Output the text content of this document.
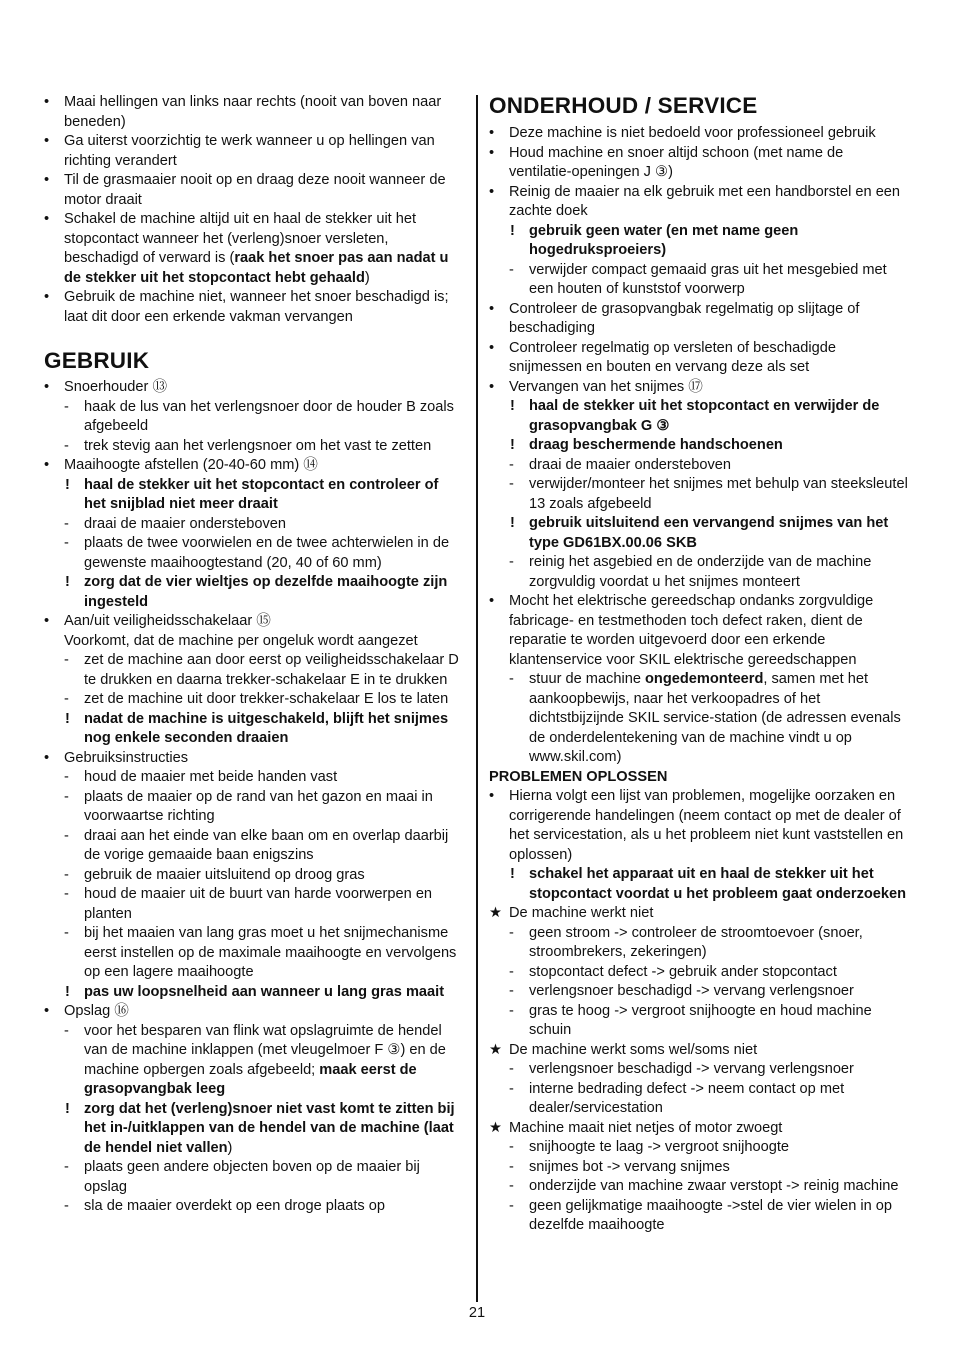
•	Maai hellingen van links naar rechts (nooit van boven naar beneden)
•	Ga uiterst voorzichtig te werk wanneer u op hellingen van richting verandert
•	Til de grasmaaier nooit op en draag deze nooit wanneer de motor draait
•	Schakel de machine altijd uit en haal de stekker uit het stopcontact wanneer het (verleng)snoer versleten, beschadigd of verward is (raak het snoer pas aan nadat u de stekker uit het stopcontact hebt gehaald)
•	Gebruik de machine niet, wanneer het snoer beschadigd is; laat dit door een erkende vakman vervangen
GEBRUIK
•	Snoerhouder ⑬
-	haak de lus van het verlengsnoer door de houder B zoals afgebeeld
-	trek stevig aan het verlengsnoer om het vast te zetten
•	Maaihoogte afstellen (20-40-60 mm) ⑭
! haal de stekker uit het stopcontact en controleer of het snijblad niet meer draait
-	draai de maaier ondersteboven
-	plaats de twee voorwielen en de twee achterwielen in de gewenste maaihoogtestand (20, 40 of 60 mm)
! zorg dat de vier wieltjes op dezelfde maaihoogte zijn ingesteld
•	Aan/uit veiligheidsschakelaar ⑮
Voorkomt, dat de machine per ongeluk wordt aangezet
-	zet de machine aan door eerst op veiligheidsschakelaar D te drukken en daarna trekker-schakelaar E in te drukken
-	zet de machine uit door trekker-schakelaar E los te laten
! nadat de machine is uitgeschakeld, blijft het snijmes nog enkele seconden draaien
•	Gebruiksinstructies
-	houd de maaier met beide handen vast
-	plaats de maaier op de rand van het gazon en maai in voorwaartse richting
-	draai aan het einde van elke baan om en overlap daarbij de vorige gemaaide baan enigszins
-	gebruik de maaier uitsluitend op droog gras
-	houd de maaier uit de buurt van harde voorwerpen en planten
-	bij het maaien van lang gras moet u het snijmechanisme eerst instellen op de maximale maaihoogte en vervolgens op een lagere maaihoogte
! pas uw loopsnelheid aan wanneer u lang gras maait
•	Opslag ⑯
-	voor het besparen van flink wat opslagruimte de hendel van de machine inklappen (met vleugelmoer F ③) en de machine opbergen zoals afgebeeld; maak eerst de grasopvangbak leeg
! zorg dat het (verleng)snoer niet vast komt te zitten bij het in-/uitklappen van de hendel van de machine (laat de hendel niet vallen)
-	plaats geen andere objecten boven op de maaier bij opslag
-	sla de maaier overdekt op een droge plaats op
ONDERHOUD / SERVICE
•	Deze machine is niet bedoeld voor professioneel gebruik
•	Houd machine en snoer altijd schoon (met name de ventilatie-openingen J ③)
•	Reinig de maaier na elk gebruik met een handborstel en een zachte doek
! gebruik geen water (en met name geen hogedruksproeiers)
-	verwijder compact gemaaid gras uit het mesgebied met een houten of kunststof voorwerp
•	Controleer de grasopvangbak regelmatig op slijtage of beschadiging
•	Controleer regelmatig op versleten of beschadigde snijmessen en bouten en vervang deze als set
•	Vervangen van het snijmes ⑰
! haal de stekker uit het stopcontact en verwijder de grasopvangbak G ③
! draag beschermende handschoenen
-	draai de maaier ondersteboven
-	verwijder/monteer het snijmes met behulp van steeksleutel 13 zoals afgebeeld
! gebruik uitsluitend een vervangend snijmes van het type GD61BX.00.06 SKB
-	reinig het asgebied en de onderzijde van de machine zorgvuldig voordat u het snijmes monteert
•	Mocht het elektrische gereedschap ondanks zorgvuldige fabricage- en testmethoden toch defect raken, dient de reparatie te worden uitgevoerd door een erkende klantenservice voor SKIL elektrische gereedschappen
-	stuur de machine ongedemonteerd, samen met het aankoopbewijs, naar het verkoopadres of het dichtstbijzijnde SKIL service-station (de adressen evenals de onderdelentekening van de machine vindt u op www.skil.com)
PROBLEMEN OPLOSSEN
•	Hierna volgt een lijst van problemen, mogelijke oorzaken en corrigerende handelingen (neem contact op met de dealer of het servicestation, als u het probleem niet kunt vaststellen en oplossen)
! schakel het apparaat uit en haal de stekker uit het stopcontact voordat u het probleem gaat onderzoeken
★ De machine werkt niet
-	geen stroom -> controleer de stroomtoevoer (snoer, stroombrekers, zekeringen)
-	stopcontact defect -> gebruik ander stopcontact
-	verlengsnoer beschadigd -> vervang verlengsnoer
-	gras te hoog -> vergroot snijhoogte en houd machine schuin
★ De machine werkt soms wel/soms niet
-	verlengsnoer beschadigd -> vervang verlengsnoer
-	interne bedrading defect -> neem contact op met dealer/servicestation
★ Machine maait niet netjes of motor zwoegt
-	snijhoogte te laag -> vergroot snijhoogte
-	snijmes bot -> vervang snijmes
-	onderzijde van machine zwaar verstopt -> reinig machine
-	geen gelijkmatige maaihoogte ->stel de vier wielen in op dezelfde maaihoogte
21
